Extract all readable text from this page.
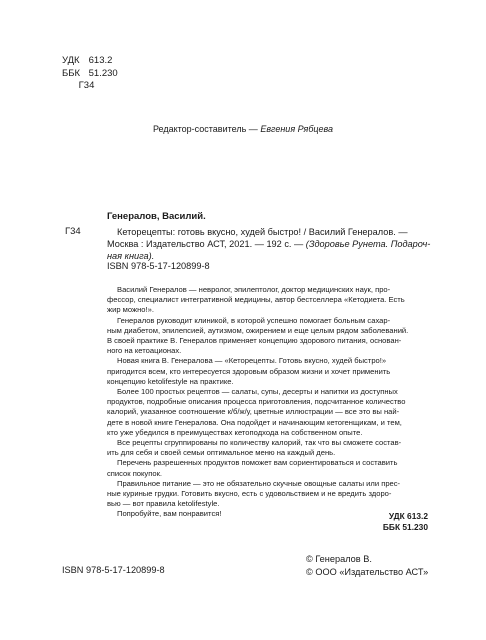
УДК 613.2
ББК 51.230
Г34
Редактор-составитель — Евгения Рябцева
Генералов, Василий.
Г34	Кеторецепты: готовь вкусно, худей быстро! / Василий Генералов. —
Москва : Издательство АСТ, 2021. — 192 с. — (Здоровье Рунета. Подароч-
ная книга).
ISBN 978-5-17-120899-8
Василий Генералов — невролог, эпилептолог, доктор медицинских наук, про-
фессор, специалист интегративной медицины, автор бестселлера «Кетодиета. Есть
жир можно!».
Генералов руководит клиникой, в которой успешно помогает больным сахар-
ным диабетом, эпилепсией, аутизмом, ожирением и еще целым рядом заболеваний.
В своей практике В. Генералов применяет концепцию здорового питания, основан-
ного на кетоационах.
Новая книга В. Генералова — «Кеторецепты. Готовь вкусно, худей быстро!»
пригодится всем, кто интересуется здоровым образом жизни и хочет применить
концепцию ketolifestyle на практике.
Более 100 простых рецептов — салаты, супы, десерты и напитки из доступных
продуктов, подробные описания процесса приготовления, подсчитанное количество
калорий, указанное соотношение к/б/ж/у, цветные иллюстрации — все это вы най-
дете в новой книге Генералова. Она подойдет и начинающим кетогенщикам, и тем,
кто уже убедился в преимуществах кетоподхода на собственном опыте.
Все рецепты сгруппированы по количеству калорий, так что вы сможете состав-
ить для себя и своей семьи оптимальное меню на каждый день.
Перечень разрешенных продуктов поможет вам сориентироваться и составить
список покупок.
Правильное питание — это не обязательно скучные овощные салаты или прес-
ные куриные грудки. Готовить вкусно, есть с удовольствием и не вредить здоро-
вью — вот правила ketolifestyle.
Попробуйте, вам понравится!	УДК 613.2
ББК 51.230
ISBN 978-5-17-120899-8
© Генералов В.
© ООО «Издательство АСТ»
